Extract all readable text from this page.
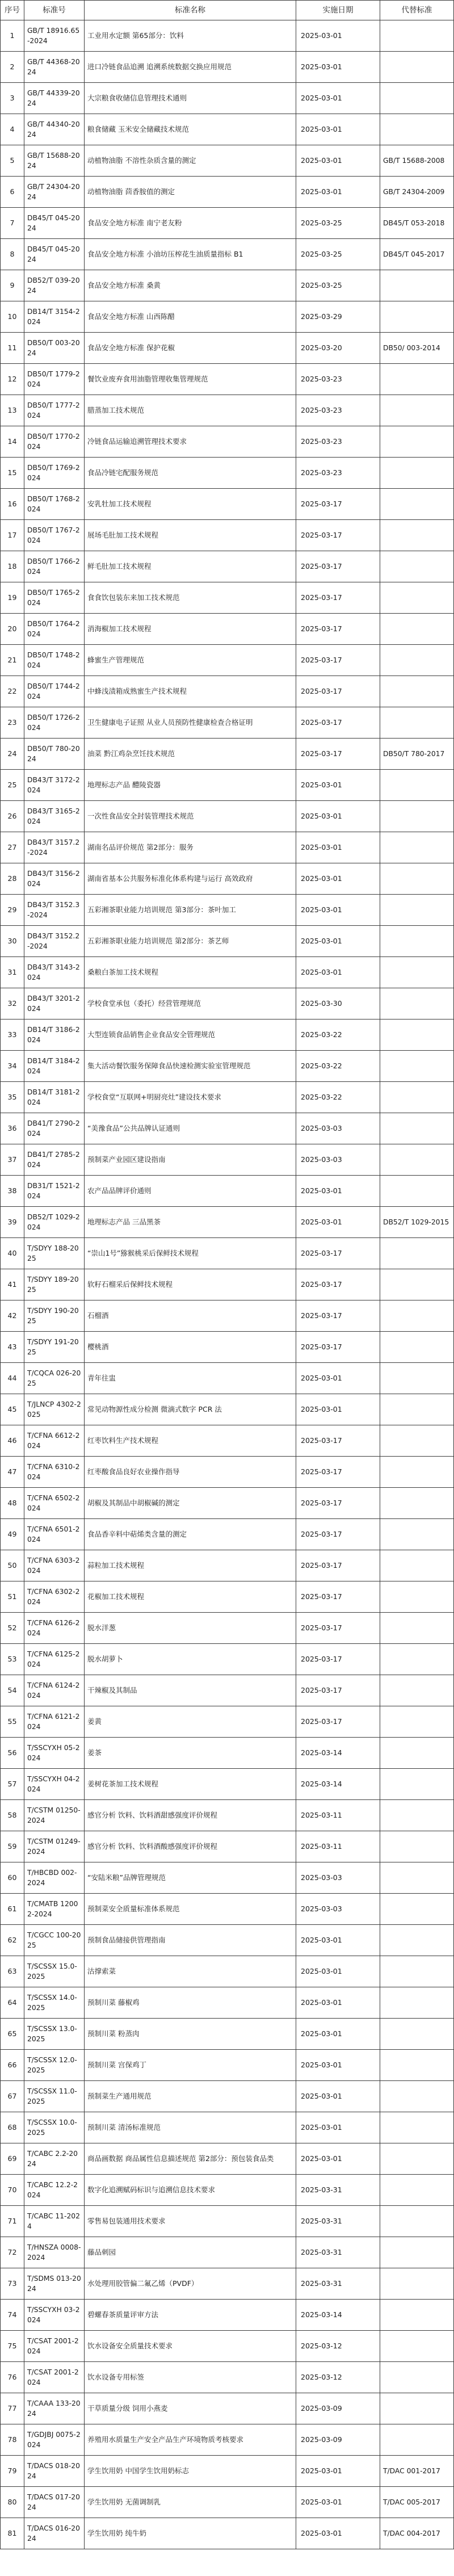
序号	标准号	标准名称	实施日期	代替标准
1	GB/T 18916.65-2024	工业用水定额 第65部分：饮料	2025-03-01	
2	GB/T 44368-2024	进口冷链食品追溯 追溯系统数据交换应用规范	2025-03-01	
3	GB/T 44339-2024	大宗粮食收储信息管理技术通则	2025-03-01	
4	GB/T 44340-2024	粮食储藏 玉米安全储藏技术规范	2025-03-01	
5	GB/T 15688-2024	动植物油脂 不溶性杂质含量的测定	2025-03-01	GB/T 15688-2008
6	GB/T 24304-2024	动植物油脂 茴香胺值的测定	2025-03-01	GB/T 24304-2009
7	DB45/T 045-2024	食品安全地方标准 南宁老友粉	2025-03-25	DB45/T 053-2018
8	DB45/T 045-2024	食品安全地方标准 小油坊压榨花生油质量指标 B1	2025-03-25	DB45/T 045-2017
9	DB52/T 039-2024	食品安全地方标准 桑黄	2025-03-25	
10	DB14/T 3154-2024	食品安全地方标准 山西陈醋	2025-03-29	
11	DB50/T 003-2024	食品安全地方标准 保护花椒	2025-03-20	DB50/ 003-2014
12	DB50/T 1779-2024	餐饮业废弃食用油脂管理收集管理规范	2025-03-23	
13	DB50/T 1777-2024	腊蒸加工技术规范	2025-03-23	
14	DB50/T 1770-2024	冷链食品运输追溯管理技术要求	2025-03-23	
15	DB50/T 1769-2024	食品冷链宅配服务规范	2025-03-23	
16	DB50/T 1768-2024	安乳牡加工技术规程	2025-03-17	
17	DB50/T 1767-2024	展场毛肚加工技术规程	2025-03-17	
18	DB50/T 1766-2024	鲜毛肚加工技术规程	2025-03-17	
19	DB50/T 1765-2024	食食饮包装东来加工技术规范	2025-03-17	
20	DB50/T 1764-2024	消海椒加工技术规程	2025-03-17	
21	DB50/T 1748-2024	蜂蜜生产管理规范	2025-03-17	
22	DB50/T 1744-2024	中蜂浅渍箱成熟蜜生产技术规程	2025-03-17	
23	DB50/T 1726-2024	卫生健康电子证照 从业人员预防性健康检查合格证明	2025-03-17	
24	DB50/T 780-2024	油菜 黔江鸡杂烹饪技术规范	2025-03-17	DB50/T 780-2017
25	DB43/T 3172-2024	地理标志产品 醴陵瓷器	2025-03-01	
26	DB43/T 3165-2024	一次性食品安全封装管理技术规范	2025-03-01	
27	DB43/T 3157.2-2024	湖南名品评价规范 第2部分：服务	2025-03-01	
28	DB43/T 3156-2024	湖南省基本公共服务标准化体系构建与运行 高效政府	2025-03-01	
29	DB43/T 3152.3-2024	五彩湘茶职业能力培训规范 第3部分：茶叶加工	2025-03-01	
30	DB43/T 3152.2-2024	五彩湘茶职业能力培训规范 第2部分：茶艺师	2025-03-01	
31	DB43/T 3143-2024	桑粮白茶加工技术规程	2025-03-01	
32	DB43/T 3201-2024	学校食堂承包（委托）经营管理规范	2025-03-30	
33	DB14/T 3186-2024	大型连锁食品销售企业食品安全管理规范	2025-03-22	
34	DB14/T 3184-2024	集大活动餐饮服务保障食品快速检测实验室管理规范	2025-03-22	
35	DB14/T 3181-2024	学校食堂“互联网+明厨亮灶”建设技术要求	2025-03-22	
36	DB41/T 2790-2024	“美豫食品”公共品牌认证通则	2025-03-03	
37	DB41/T 2785-2024	预制菜产业园区建设指南	2025-03-03	
38	DB31/T 1521-2024	农产品品牌评价通则	2025-03-01	
39	DB52/T 1029-2024	地理标志产品 三品黑茶	2025-03-01	DB52/T 1029-2015
40	T/SDYY 188-2025	“崇山1号”猕猴桃采后保鲜技术规程	2025-03-17	
41	T/SDYY 189-2025	软籽石榴采后保鲜技术规程	2025-03-17	
42	T/SDYY 190-2025	石榴酒	2025-03-17	
43	T/SDYY 191-2025	樱桃酒	2025-03-17	
44	T/CQCA 026-2025	青年往盅	2025-03-01	
45	T/JLNCP 4302-2025	常见动物源性成分检测 微滴式数字 PCR 法	2025-03-01	
46	T/CFNA 6612-2024	红枣饮料生产技术规程	2025-03-17	
47	T/CFNA 6310-2024	红枣酸食品良好农业操作指导	2025-03-17	
48	T/CFNA 6502-2024	胡椒及其制品中胡椒碱的测定	2025-03-17	
49	T/CFNA 6501-2024	食品香辛料中萜烯类含量的测定	2025-03-17	
50	T/CFNA 6303-2024	蒜粒加工技术规程	2025-03-17	
51	T/CFNA 6302-2024	花椒加工技术规程	2025-03-17	
52	T/CFNA 6126-2024	脱水洋葱	2025-03-17	
53	T/CFNA 6125-2024	脱水胡萝卜	2025-03-17	
54	T/CFNA 6124-2024	干辣椒及其制品	2025-03-17	
55	T/CFNA 6121-2024	姜黄	2025-03-17	
56	T/SSCYXH 05-2024	姜茶	2025-03-14	
57	T/SSCYXH 04-2024	姜树花茶加工技术规程	2025-03-14	
58	T/CSTM 01250-2024	感官分析 饮料、饮料酒甜感强度评价规程	2025-03-11	
59	T/CSTM 01249-2024	感官分析 饮料、饮料酒酸感强度评价规程	2025-03-11	
60	T/HBCBD 002-2024	“安陆米粮”品牌管理规范	2025-03-03	
61	T/CMATB 12002-2024	预制菜安全质量标准体系规范	2025-03-03	
62	T/CGCC 100-2025	预制食品储接供管理指南	2025-03-01	
63	T/SCSSX 15.0-2025	沽撑索菜	2025-03-01	
64	T/SCSSX 14.0-2025	预制川菜 藤椒鸡	2025-03-01	
65	T/SCSSX 13.0-2025	预制川菜 粉蒸肉	2025-03-01	
66	T/SCSSX 12.0-2025	预制川菜 宫保鸡丁	2025-03-01	
67	T/SCSSX 11.0-2025	预制菜生产通用规范	2025-03-01	
68	T/SCSSX 10.0-2025	预制川菜 清汤标准规范	2025-03-01	
69	T/CABC 2.2-2024	商品画数据 商品属性信息描述规范 第2部分：预包装食品类	2025-03-01	
70	T/CABC 12.2-2024	数字化追溯赋码标识与追溯信息技术要求	2025-03-31	
71	T/CABC 11-2024	零售易包装通用技术要求	2025-03-31	
72	T/HNSZA 0008-2024	藤品刺园	2025-03-31	
73	T/SDMS 013-2024	水处理用胶管偏二氟乙烯（PVDF）	2025-03-31	
74	T/SSCYXH 03-2024	碧螺春茶质量评审方法	2025-03-14	
75	T/CSAT 2001-2024	饮水设备安全质量技术要求	2025-03-12	
76	T/CSAT 2001-2024	饮水设备专用标签	2025-03-12	
77	T/CAAA 133-2024	干草质量分级 饲用小燕麦	2025-03-09	
78	T/GDJBJ 0075-2024	养殖用水质量生产安全产品生产环境物质考核要求	2025-03-09	
79	T/DACS 018-2024	学生饮用奶 中国学生饮用奶标志	2025-03-01	T/DAC 001-2017
80	T/DACS 017-2024	学生饮用奶 无菌调制乳	2025-03-01	T/DAC 005-2017
81	T/DACS 016-2024	学生饮用奶 纯牛奶	2025-03-01	T/DAC 004-2017
